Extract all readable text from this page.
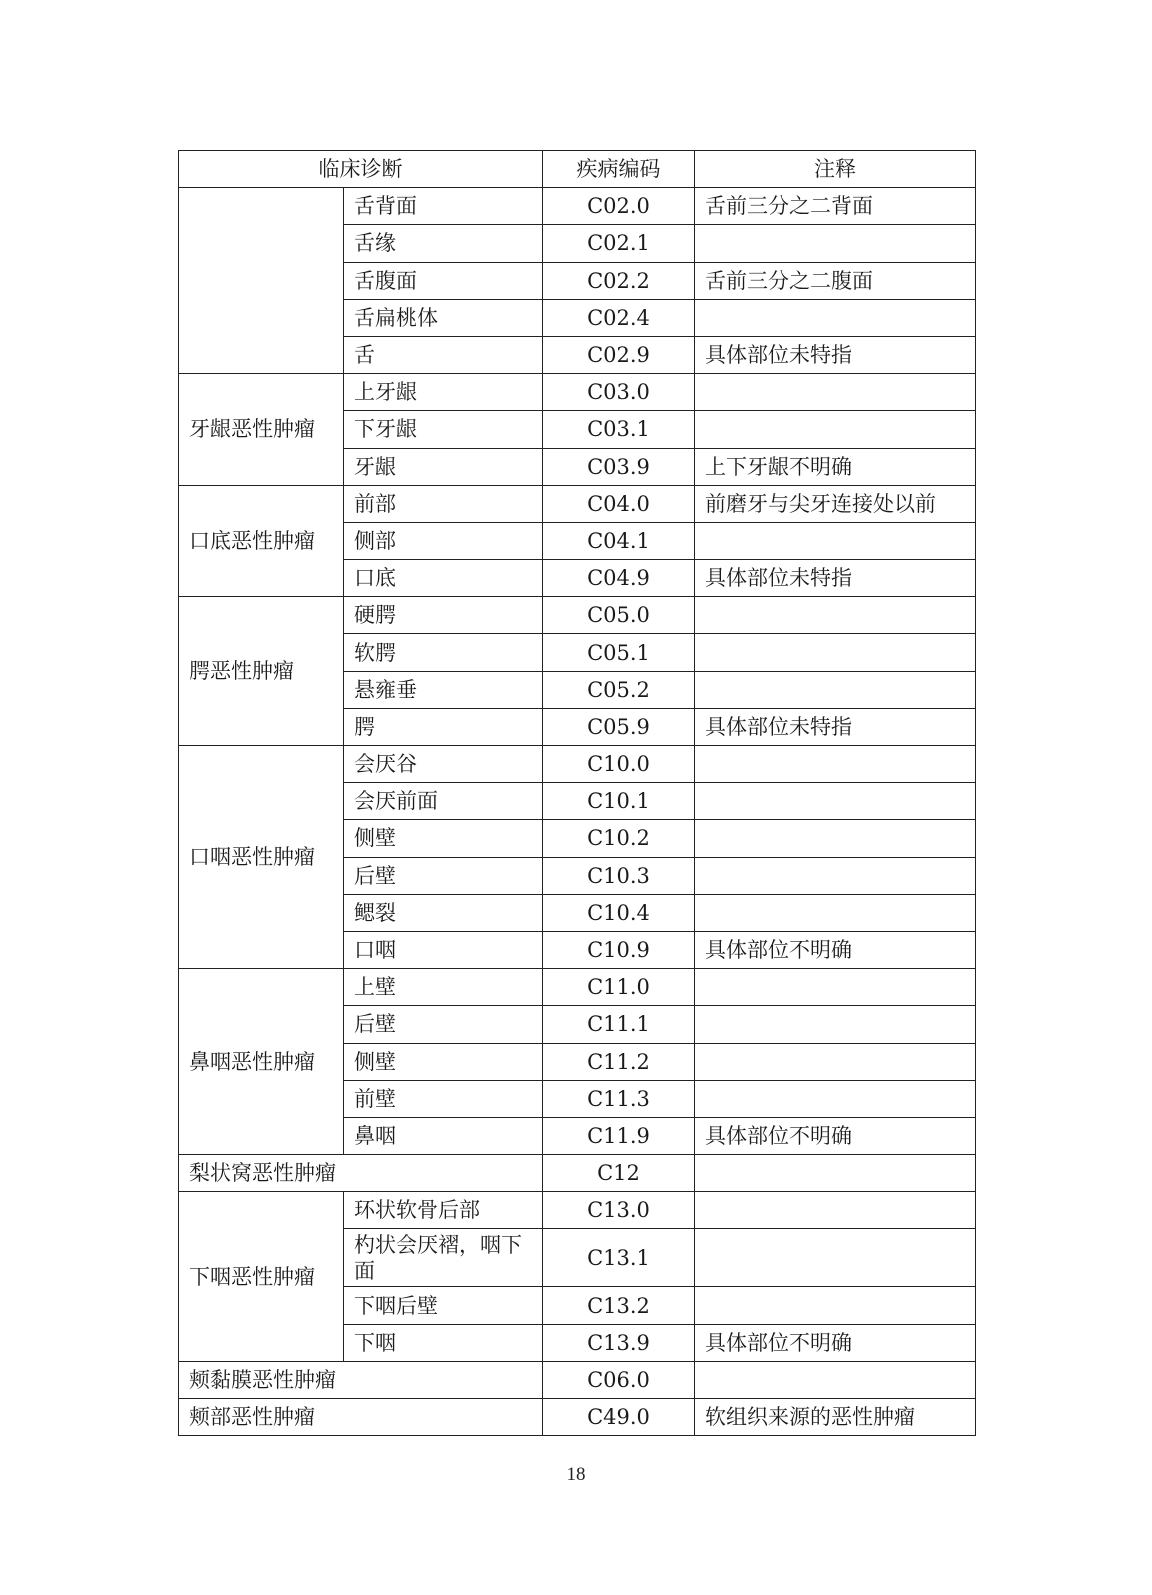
临床诊断		疾病编码	注释
	舌背面	C02.0	舌前三分之二背面
	舌缘	C02.1	
	舌腹面	C02.2	舌前三分之二腹面
	舌扁桃体	C02.4	
	舌	C02.9	具体部位未特指
牙龈恶性肿瘤	上牙龈	C03.0	
	下牙龈	C03.1	
	牙龈	C03.9	上下牙龈不明确
口底恶性肿瘤	前部	C04.0	前磨牙与尖牙连接处以前
	侧部	C04.1	
	口底	C04.9	具体部位未特指
腭恶性肿瘤	硬腭	C05.0	
	软腭	C05.1	
	悬雍垂	C05.2	
	腭	C05.9	具体部位未特指
口咽恶性肿瘤	会厌谷	C10.0	
	会厌前面	C10.1	
	侧壁	C10.2	
	后壁	C10.3	
	鳃裂	C10.4	
	口咽	C10.9	具体部位不明确
鼻咽恶性肿瘤	上壁	C11.0	
	后壁	C11.1	
	侧壁	C11.2	
	前壁	C11.3	
	鼻咽	C11.9	具体部位不明确
梨状窝恶性肿瘤		C12	
下咽恶性肿瘤	环状软骨后部	C13.0	
	杓状会厌褶，咽下面	C13.1	
	下咽后壁	C13.2	
	下咽	C13.9	具体部位不明确
颊黏膜恶性肿瘤		C06.0	
颊部恶性肿瘤		C49.0	软组织来源的恶性肿瘤
18
